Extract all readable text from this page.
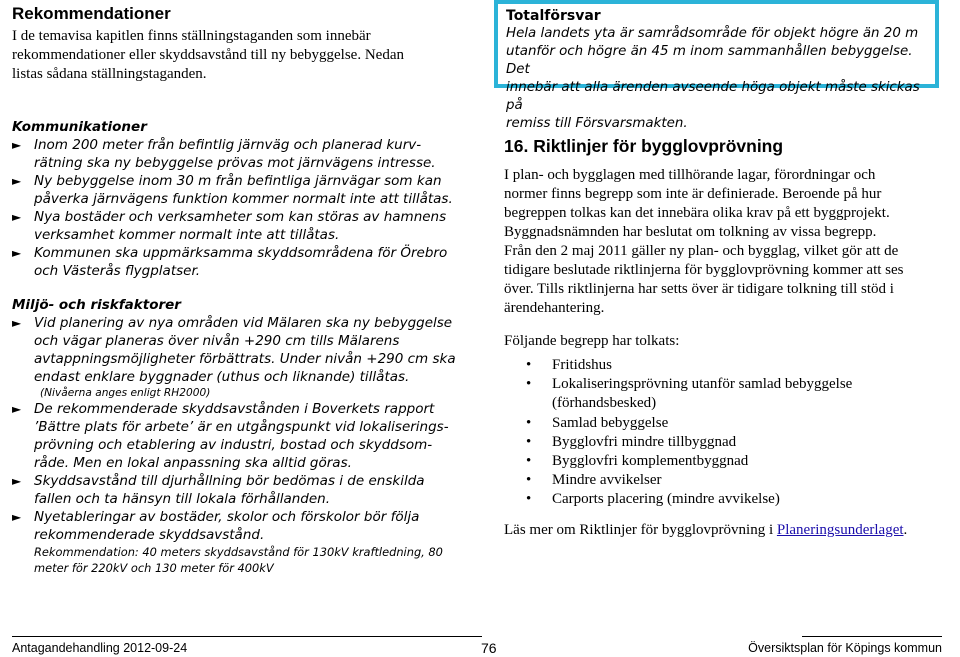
Rekommendationer

I de temavisa kapitlen finns ställningstaganden som innebär
rekommendationer eller skyddsavstånd till ny bebyggelse. Nedan
listas sådana ställningstaganden.

Totalförsvar
Hela landets yta är samrådsområde för objekt högre än 20 m
utanför och högre än 45 m inom sammanhållen bebyggelse. Det
innebär att alla ärenden avseende höga objekt måste skickas på
remiss till Försvarsmakten.
Kommunikationer
► Inom 200 meter från befintlig järnväg och planerad kurv-
rätning ska ny bebyggelse prövas mot järnvägens intresse.
► Ny bebyggelse inom 30 m från befintliga järnvägar som kan
påverka järnvägens funktion kommer normalt inte att tillåtas.
► Nya bostäder och verksamheter som kan störas av hamnens
verksamhet kommer normalt inte att tillåtas.
► Kommunen ska uppmärksamma skyddsområdena för Örebro
och Västerås flygplatser.
Miljö- och riskfaktorer
► Vid planering av nya områden vid Mälaren ska ny bebyggelse
och vägar planeras över nivån +290 cm tills Mälarens
avtappningsmöjligheter förbättrats. Under nivån +290 cm ska
endast enklare byggnader (uthus och liknande) tillåtas.
(Nivåerna anges enligt RH2000)
► De rekommenderade skyddsavstånden i Boverkets rapport
’Bättre plats för arbete’ är en utgångspunkt vid lokaliserings-
prövning och etablering av industri, bostad och skyddsom-
råde. Men en lokal anpassning ska alltid göras.
► Skyddsavstånd till djurhållning bör bedömas i de enskilda
fallen och ta hänsyn till lokala förhållanden.
► Nyetableringar av bostäder, skolor och förskolor bör följa
rekommenderade skyddsavstånd.
Rekommendation: 40 meters skyddsavstånd för 130kV kraftledning, 80
meter för 220kV och 130 meter för 400kV
16. Riktlinjer för bygglovprövning

I plan- och bygglagen med tillhörande lagar, förordningar och
normer finns begrepp som inte är definierade. Beroende på hur
begreppen tolkas kan det innebära olika krav på ett byggprojekt.
Byggnadsnämnden har beslutat om tolkning av vissa begrepp.
Från den 2 maj 2011 gäller ny plan- och bygglag, vilket gör att de
tidigare beslutade riktlinjerna för bygglovprövning kommer att ses
över. Tills riktlinjerna har setts över är tidigare tolkning till stöd i
ärendehantering.

Följande begrepp har tolkats:

• Fritidshus
• Lokaliseringsprövning utanför samlad bebyggelse
(förhandsbesked)
• Samlad bebyggelse
• Bygglovfri mindre tillbyggnad
• Bygglovfri komplementbyggnad
• Mindre avvikelser
• Carports placering (mindre avvikelse)

Läs mer om Riktlinjer för bygglovprövning i Planeringsunderlaget.

Antagandehandling 2012-09-24	76	Översiktsplan för Köpings kommun
